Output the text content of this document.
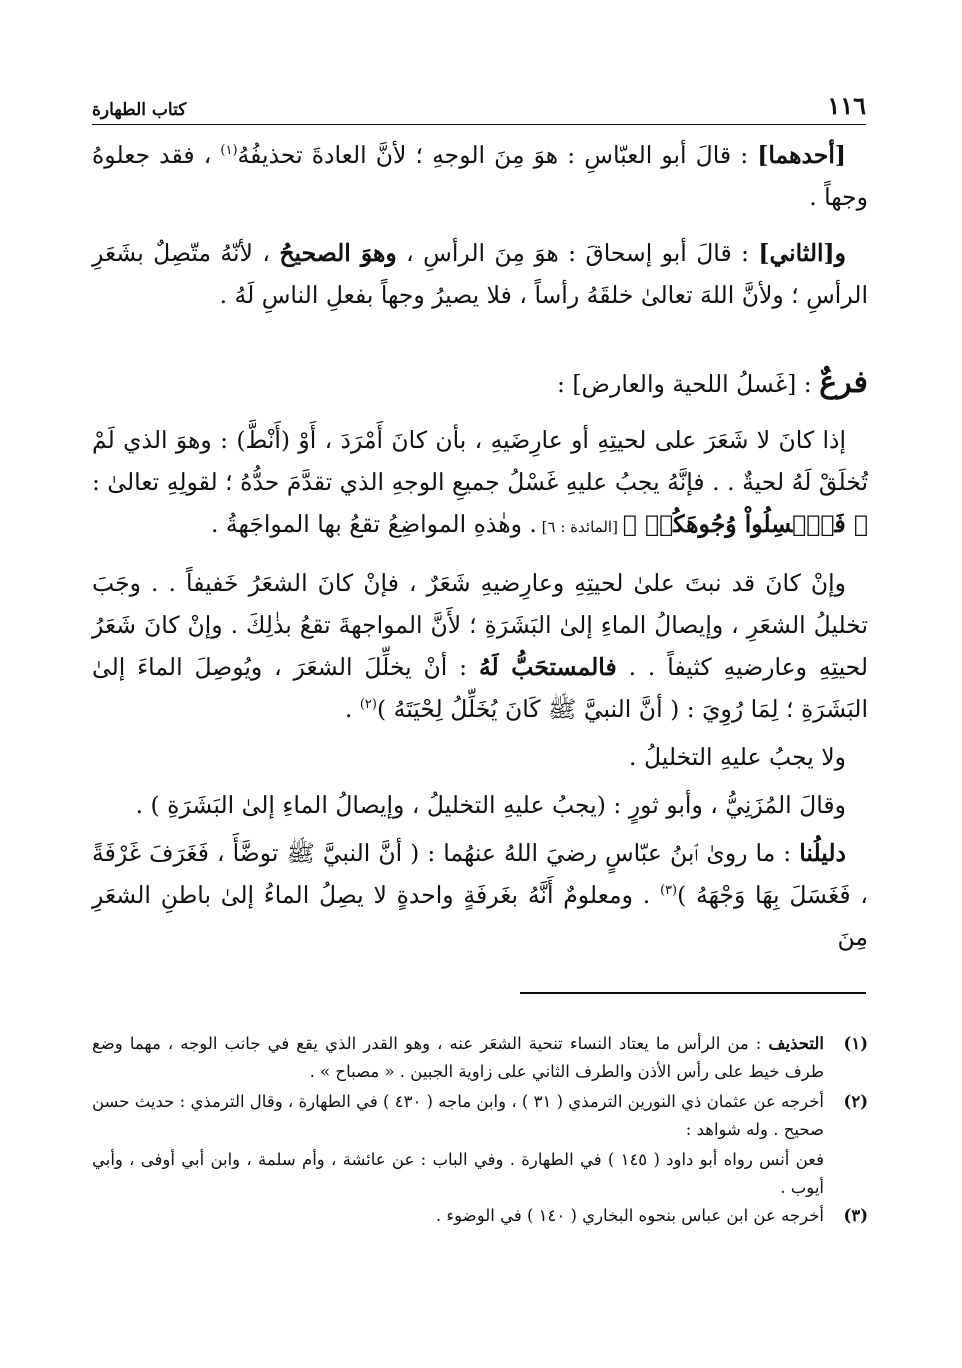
١١٦
كتاب الطهارة

[أحدهما] : قالَ أبو العبّاسِ : هوَ مِنَ الوجهِ ؛ لأنَّ العادةَ تحذيفُهُ$^{(١)}$ ، فقد جعلوهُ وجهاً .

و[الثاني] : قالَ أبو إسحاقَ : هوَ مِنَ الرأسِ ، وهوَ الصحيحُ ، لأنّهُ متّصِلٌ بشَعَرِ الرأسِ ؛ ولأنَّ اللهَ تعالىٰ خلقَهُ رأساً ، فلا يصيرُ وجهاً بفعلِ الناسِ لَهُ .

فرعٌ : [غَسلُ اللحية والعارض] :

إذا كانَ لا شَعَرَ على لحيتِهِ أو عارِضَيهِ ، بأن كانَ أَمْرَدَ ، أَوْ (أَنْطَّ) : وهوَ الذي لَمْ تُخلَقْ لَهُ لحيةٌ . . فإنَّهُ يجبُ عليهِ غَسْلُ جميعِ الوجهِ الذي تقدَّمَ حدُّهُ ؛ لقولِهِ تعالىٰ : ﴿ فَٱغۡسِلُواْ وُجُوهَكُمۡ ﴾ [المائدة : ٦] . وهٰذهِ المواضِعُ تقعُ بها المواجَهةُ .

وإنْ كانَ قد نبتَ علىٰ لحيتِهِ وعارِضيهِ شَعَرٌ ، فإنْ كانَ الشعَرُ خَفيفاً . . وجَبَ تخليلُ الشعَرِ ، وإيصالُ الماءِ إلىٰ البَشَرَةِ ؛ لأَنَّ المواجهةَ تقعُ بذٰلِكَ . وإنْ كانَ شَعَرُ لحيتِهِ وعارضيهِ كثيفاً . . فالمستحَبُّ لَهُ : أنْ يخلِّلَ الشعَرَ ، ويُوصِلَ الماءَ إلىٰ البَشَرَةِ ؛ لِمَا رُوِيَ : ( أنَّ النبيَّ ﷺ كَانَ يُخَلِّلُ لِحْيَتَهُ )$^{(٢)}$ .

ولا يجبُ عليهِ التخليلُ .

وقالَ المُزَنِيُّ ، وأبو ثورٍ : (يجبُ عليهِ التخليلُ ، وإيصالُ الماءِ إلىٰ البَشَرَةِ ) .

دليلُنا : ما روىٰ ٱبنُ عبّاسٍ رضيَ اللهُ عنهُما : ( أنَّ النبيَّ ﷺ توضَّأَ ، فَغَرَفَ غَرْفَةً ، فَغَسَلَ بِهَا وَجْهَهُ )$^{(٣)}$ . ومعلومٌ أَنَّهُ بغَرفَةٍ واحدةٍ لا يصِلُ الماءُ إلىٰ باطنِ الشعَرِ مِنَ

(١)
التحذيف : من الرأس ما يعتاد النساء تنحية الشعَر عنه ، وهو القدر الذي يقع في جانب الوجه ، مهما وضع طرف خيط على رأس الأذن والطرف الثاني على زاوية الجبين . « مصباح » .
(٢)
أخرجه عن عثمان ذي النورين الترمذي ( ٣١ ) ، وابن ماجه ( ٤٣٠ ) في الطهارة ، وقال الترمذي : حديث حسن صحيح . وله شواهد :
فعن أنس رواه أبو داود ( ١٤٥ ) في الطهارة . وفي الباب : عن عائشة ، وأم سلمة ، وابن أبي أوفى ، وأبي أيوب .
(٣)
أخرجه عن ابن عباس بنحوه البخاري ( ١٤٠ ) في الوضوء .
